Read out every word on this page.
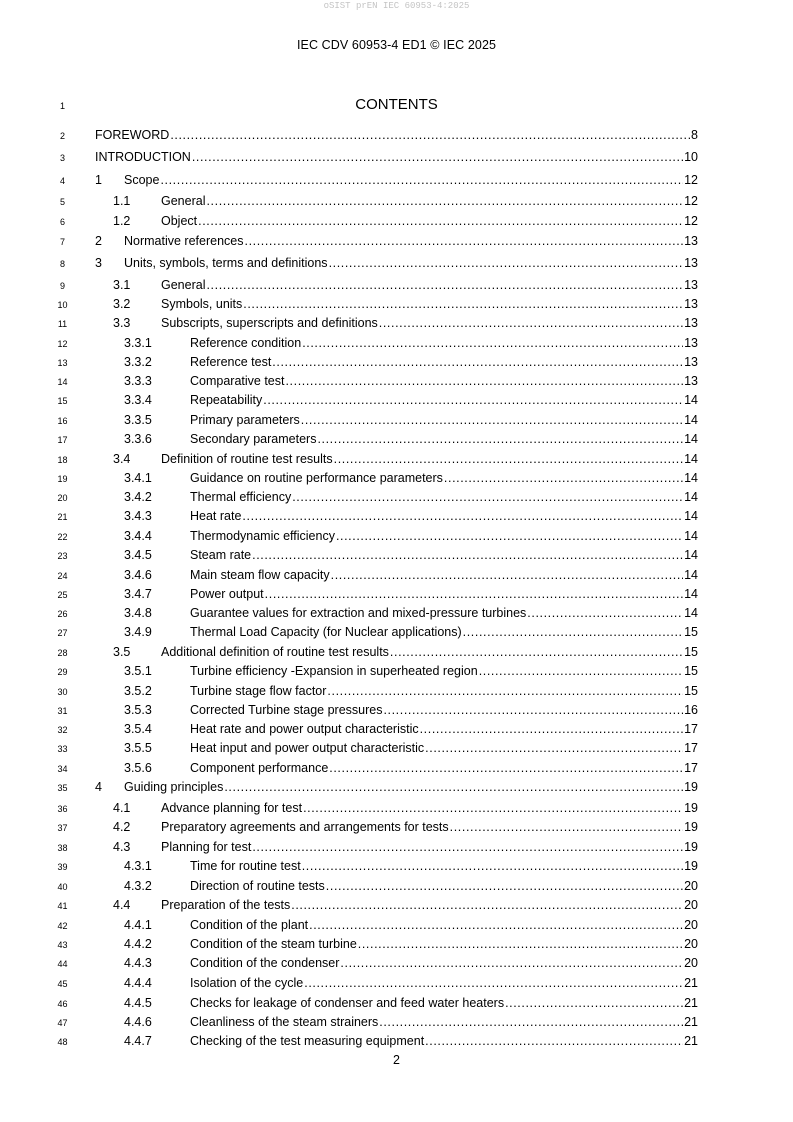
oSIST prEN IEC 60953-4:2025
IEC CDV 60953-4 ED1 © IEC 2025
1	CONTENTS
2	FOREWORD .....	8
3	INTRODUCTION .....	10
4	1 Scope .....	12
5	1.1 General .....	12
6	1.2 Object .....	12
7	2 Normative references .....	13
8	3 Units, symbols, terms and definitions .....	13
9	3.1 General .....	13
10	3.2 Symbols, units .....	13
11	3.3 Subscripts, superscripts and definitions .....	13
12	3.3.1	Reference condition .....	13
13	3.3.2	Reference test .....	13
14	3.3.3	Comparative test .....	13
15	3.3.4	Repeatability .....	14
16	3.3.5	Primary parameters .....	14
17	3.3.6	Secondary parameters .....	14
18	3.4 Definition of routine test results .....	14
19	3.4.1	Guidance on routine performance parameters .....	14
20	3.4.2	Thermal efficiency .....	14
21	3.4.3	Heat rate .....	14
22	3.4.4	Thermodynamic efficiency .....	14
23	3.4.5	Steam rate .....	14
24	3.4.6	Main steam flow capacity .....	14
25	3.4.7	Power output .....	14
26	3.4.8	Guarantee values for extraction and mixed-pressure turbines .....	14
27	3.4.9	Thermal Load Capacity (for Nuclear applications) .....	15
28	3.5 Additional definition of routine test results .....	15
29	3.5.1	Turbine efficiency -Expansion in superheated region .....	15
30	3.5.2	Turbine stage flow factor .....	15
31	3.5.3	Corrected Turbine stage pressures .....	16
32	3.5.4	Heat rate and power output characteristic .....	17
33	3.5.5	Heat input and power output characteristic .....	17
34	3.5.6	Component performance .....	17
35	4 Guiding principles .....	19
36	4.1 Advance planning for test .....	19
37	4.2 Preparatory agreements and arrangements for tests .....	19
38	4.3 Planning for test .....	19
39	4.3.1	Time for routine test .....	19
40	4.3.2	Direction of routine tests .....	20
41	4.4 Preparation of the tests .....	20
42	4.4.1	Condition of the plant .....	20
43	4.4.2	Condition of the steam turbine .....	20
44	4.4.3	Condition of the condenser .....	20
45	4.4.4	Isolation of the cycle .....	21
46	4.4.5	Checks for leakage of condenser and feed water heaters .....	21
47	4.4.6	Cleanliness of the steam strainers .....	21
48	4.4.7	Checking of the test measuring equipment .....	21
2
